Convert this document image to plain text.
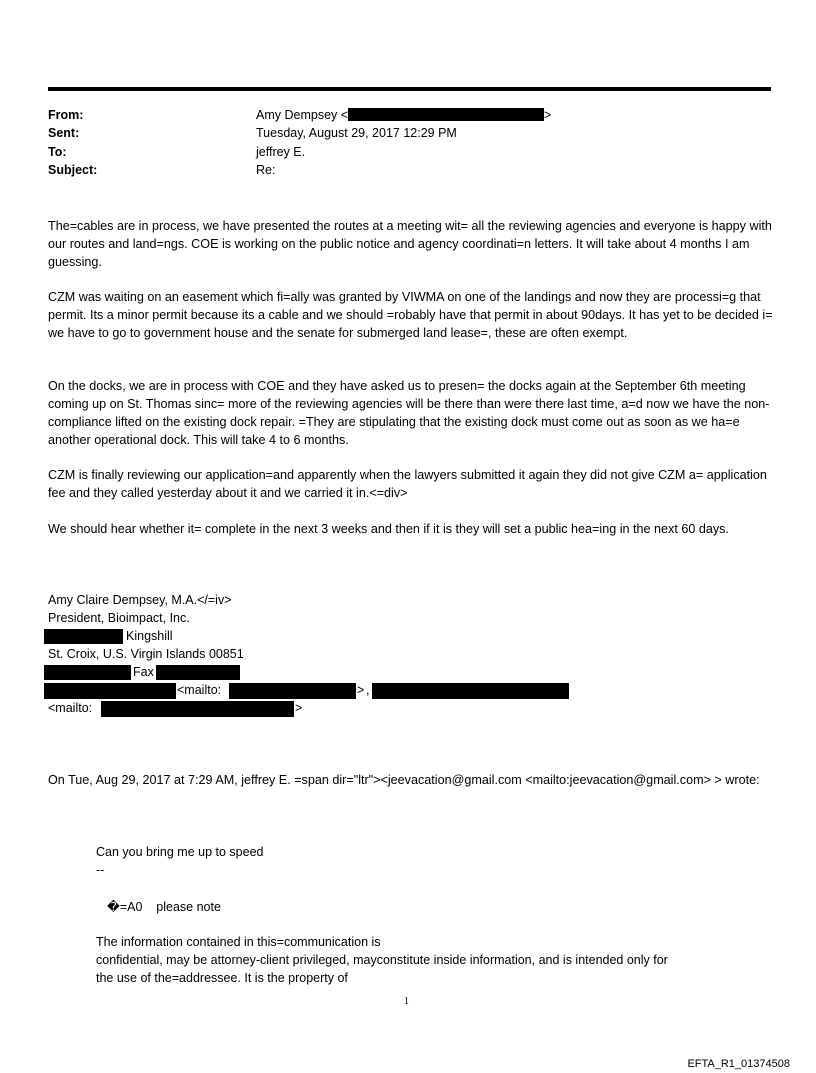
From:	Amy Dempsey <	>
Sent:	Tuesday, August 29, 2017 12:29 PM
To:	jeffrey E.
Subject:	Re:

The=cables are in process, we have presented the routes at a meeting wit= all the reviewing agencies and everyone is happy with our routes and land=ngs. COE is working on the public notice and agency coordinati=n letters. It will take about 4 months I am guessing.

CZM was waiting on an easement which fi=ally was granted by VIWMA on one of the landings and now they are processi=g that permit. Its a minor permit because its a cable and we should =robably have that permit in about 90days. It has yet to be decided i= we have to go to government house and the senate for submerged land lease=, these are often exempt.

On the docks, we are in process with COE and they have asked us to presen= the docks again at the September 6th meeting coming up on St. Thomas sinc= more of the reviewing agencies will be there than were there last time, a=d now we have the non-compliance lifted on the existing dock repair. =They are stipulating that the existing dock must come out as soon as we ha=e another operational dock. This will take 4 to 6 months.

CZM is finally reviewing our application=and apparently when the lawyers submitted it again they did not give CZM a= application fee and they called yesterday about it and we carried it in.<=div>

We should hear whether it= complete in the next 3 weeks and then if it is they will set a public hea=ing in the next 60 days.

Amy Claire Dempsey, M.A.</=iv>
President, Bioimpact, Inc.
Kingshill
St. Croix, U.S. Virgin Islands 00851
Fax
<mailto:	> ,
<mailto:	>

On Tue, Aug 29, 2017 at 7:29 AM, jeffrey E. =span dir="ltr"><jeevacation@gmail.com <mailto:jeevacation@gmail.com> > wrote:

Can you bring me up to speed
--
�=A0    please note
The information contained in this=communication is
confidential, may be attorney-client privileged, mayconstitute inside information, and is intended only for
the use of the=addressee. It is the property of
1
EFTA_R1_01374508
